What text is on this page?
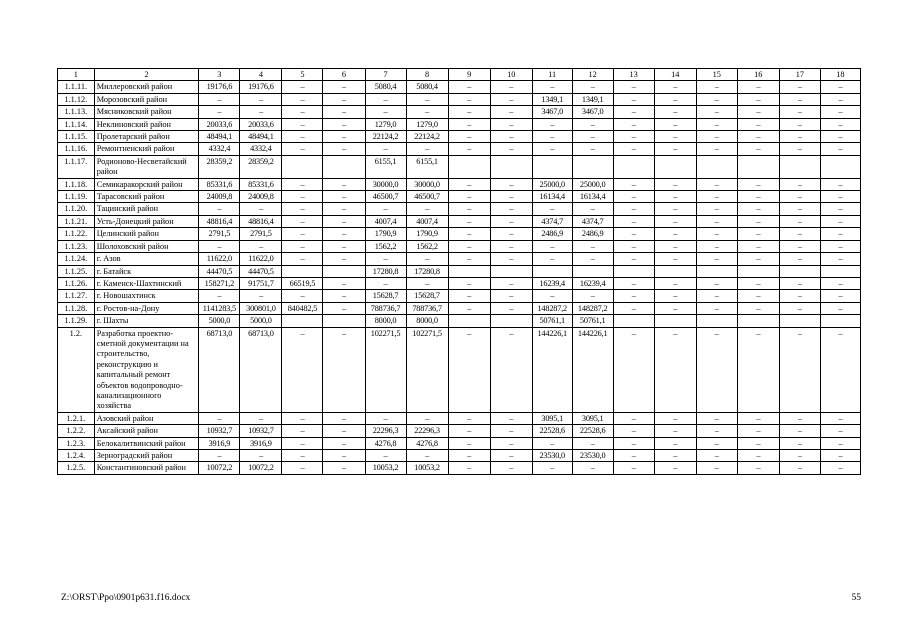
1	2	3	4	5	6	7	8	9	10	11	12	13	14	15	16	17	18
1.1.11.	Миллеровский район	19176,6	19176,6	–	–	5080,4	5080,4	–	–	–	–	–	–	–	–	–	–
1.1.12.	Морозовский район	–	–	–	–	–	–	–	–	1349,1	1349,1	–	–	–	–	–	–
1.1.13.	Мясниковский район	–	–	–	–	–	–	–	–	3467,0	3467,0	–	–	–	–	–	–
1.1.14.	Неклиновский район	20033,6	20033,6	–	–	1279,0	1279,0	–	–	–	–	–	–	–	–	–	–
1.1.15.	Пролетарский район	48494,1	48494,1	–	–	22124,2	22124,2	–	–	–	–	–	–	–	–	–	–
1.1.16.	Ремонтненский район	4332,4	4332,4	–	–	–	–	–	–	–	–	–	–	–	–	–	–
1.1.17.	Родионово-Несветайский район	28359,2	28359,2			6155,1	6155,1										
1.1.18.	Семикаракорский район	85331,6	85331,6	–	–	30000,0	30000,0	–	–	25000,0	25000,0	–	–	–	–	–	–
1.1.19.	Тарасовский район	24009,8	24009,8	–	–	46500,7	46500,7	–	–	16134,4	16134,4	–	–	–	–	–	–
1.1.20.	Тацинский район	–	–	–	–	–	–	–	–	–	–	–	–	–	–	–	–
1.1.21.	Усть-Донецкий район	48816,4	48816,4	–	–	4007,4	4007,4	–	–	4374,7	4374,7	–	–	–	–	–	–
1.1.22.	Целинский район	2791,5	2791,5	–	–	1790,9	1790,9	–	–	2486,9	2486,9	–	–	–	–	–	–
1.1.23.	Шолоховский район	–	–	–	–	1562,2	1562,2	–	–	–	–	–	–	–	–	–	–
1.1.24.	г. Азов	11622,0	11622,0	–	–	–	–	–	–	–	–	–	–	–	–	–	–
1.1.25.	г. Батайск	44470,5	44470,5			17280,8	17280,8										
1.1.26.	г. Каменск-Шахтинский	158271,2	91751,7	66519,5	–	–	–	–	–	16239,4	16239,4	–	–	–	–	–	–
1.1.27.	г. Новошахтинск	–	–	–	–	15628,7	15628,7	–	–	–	–	–	–	–	–	–	–
1.1.28.	г. Ростов-на-Дону	1141283,5	300801,0	840482,5	–	788736,7	788736,7	–	–	148287,2	148287,2	–	–	–	–	–	–
1.1.29.	г. Шахты	5000,0	5000,0			8000,0	8000,0			50761,1	50761,1						
1.2.	Разработка проектно-сметной документации на строительство, реконструкцию и капитальный ремонт объектов водопроводно-канализационного хозяйства	68713,0	68713,0	–	–	102271,5	102271,5	–	–	144226,1	144226,1	–	–	–	–	–	–
1.2.1.	Азовский район	–	–	–	–	–	–	–	–	3095,1	3095,1	–	–	–	–	–	–
1.2.2.	Аксайский район	10932,7	10932,7	–	–	22296,3	22296,3	–	–	22528,6	22528,6	–	–	–	–	–	–
1.2.3.	Белокалитвинский район	3916,9	3916,9	–	–	4276,8	4276,8	–	–	–	–	–	–	–	–	–	–
1.2.4.	Зерноградский район	–	–	–	–	–	–	–	–	23530,0	23530,0	–	–	–	–	–	–
1.2.5.	Константиновский район	10072,2	10072,2	–	–	10053,2	10053,2	–	–	–	–	–	–	–	–	–	–
Z:\ORST\Ppo\0901p631.f16.docx	55
